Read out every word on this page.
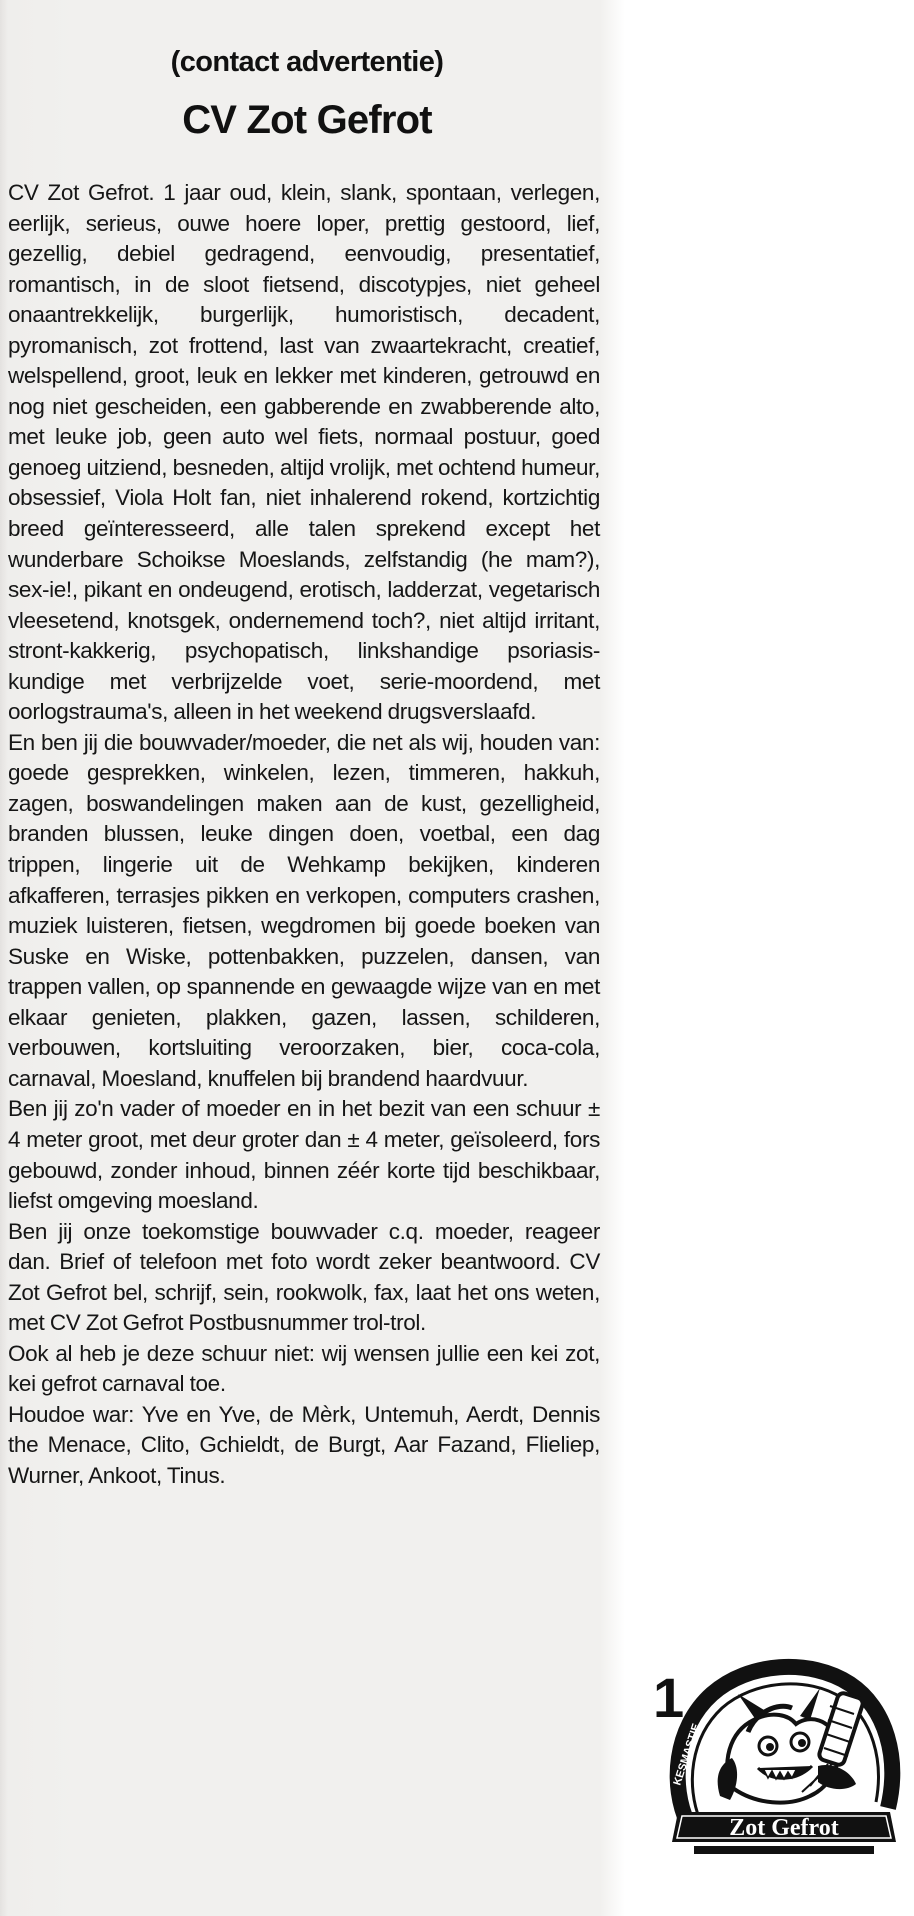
(contact advertentie)

CV Zot Gefrot

CV Zot Gefrot. 1 jaar oud, klein, slank, spontaan, verlegen, eerlijk, serieus, ouwe hoere loper, prettig gestoord, lief, gezellig, debiel gedragend, eenvoudig, presentatief, romantisch, in de sloot fietsend, discotypjes, niet geheel onaantrekkelijk, burgerlijk, humoristisch, decadent, pyromanisch, zot frottend, last van zwaartekracht, creatief, welspellend, groot, leuk en lekker met kinderen, getrouwd en nog niet gescheiden, een gabberende en zwabberende alto, met leuke job, geen auto wel fiets, normaal postuur, goed genoeg uitziend, besneden, altijd vrolijk, met ochtend humeur, obsessief, Viola Holt fan, niet inhalerend rokend, kortzichtig breed geïnteresseerd, alle talen sprekend except het wunderbare Schoikse Moeslands, zelfstandig (he mam?), sex-ie!, pikant en ondeugend, erotisch, ladderzat, vegetarisch vleesetend, knotsgek, ondernemend toch?, niet altijd irritant, stront-kakkerig, psychopatisch, linkshandige psoriasis-kundige met verbrijzelde voet, serie-moordend, met oorlogstrauma's, alleen in het weekend drugsverslaafd.

En ben jij die bouwvader/moeder, die net als wij, houden van: goede gesprekken, winkelen, lezen, timmeren, hakkuh, zagen, boswandelingen maken aan de kust, gezelligheid, branden blussen, leuke dingen doen, voetbal, een dag trippen, lingerie uit de Wehkamp bekijken, kinderen afkafferen, terrasjes pikken en verkopen, computers crashen, muziek luisteren, fietsen, wegdromen bij goede boeken van Suske en Wiske, pottenbakken, puzzelen, dansen, van trappen vallen, op spannende en gewaagde wijze van en met elkaar genieten, plakken, gazen, lassen, schilderen, verbouwen, kortsluiting veroorzaken, bier, coca-cola, carnaval, Moesland, knuffelen bij brandend haardvuur.

Ben jij zo'n vader of moeder en in het bezit van een schuur ± 4 meter groot, met deur groter dan ± 4 meter, geïsoleerd, fors gebouwd, zonder inhoud, binnen zéér korte tijd beschikbaar, liefst omgeving moesland.

Ben jij onze toekomstige bouwvader c.q. moeder, reageer dan. Brief of telefoon met foto wordt zeker beantwoord. CV Zot Gefrot bel, schrijf, sein, rookwolk, fax, laat het ons weten, met CV Zot Gefrot Postbusnummer trol-trol.

Ook al heb je deze schuur niet: wij wensen jullie een kei zot, kei gefrot carnaval toe.

Houdoe war: Yve en Yve, de Mèrk, Untemuh, Aerdt, Dennis the Menace, Clito, Gchieldt, de Burgt, Aar Fazand, Flieliep, Wurner, Ankoot, Tinus.

1
KESMASTIE
Zot Gefrot
